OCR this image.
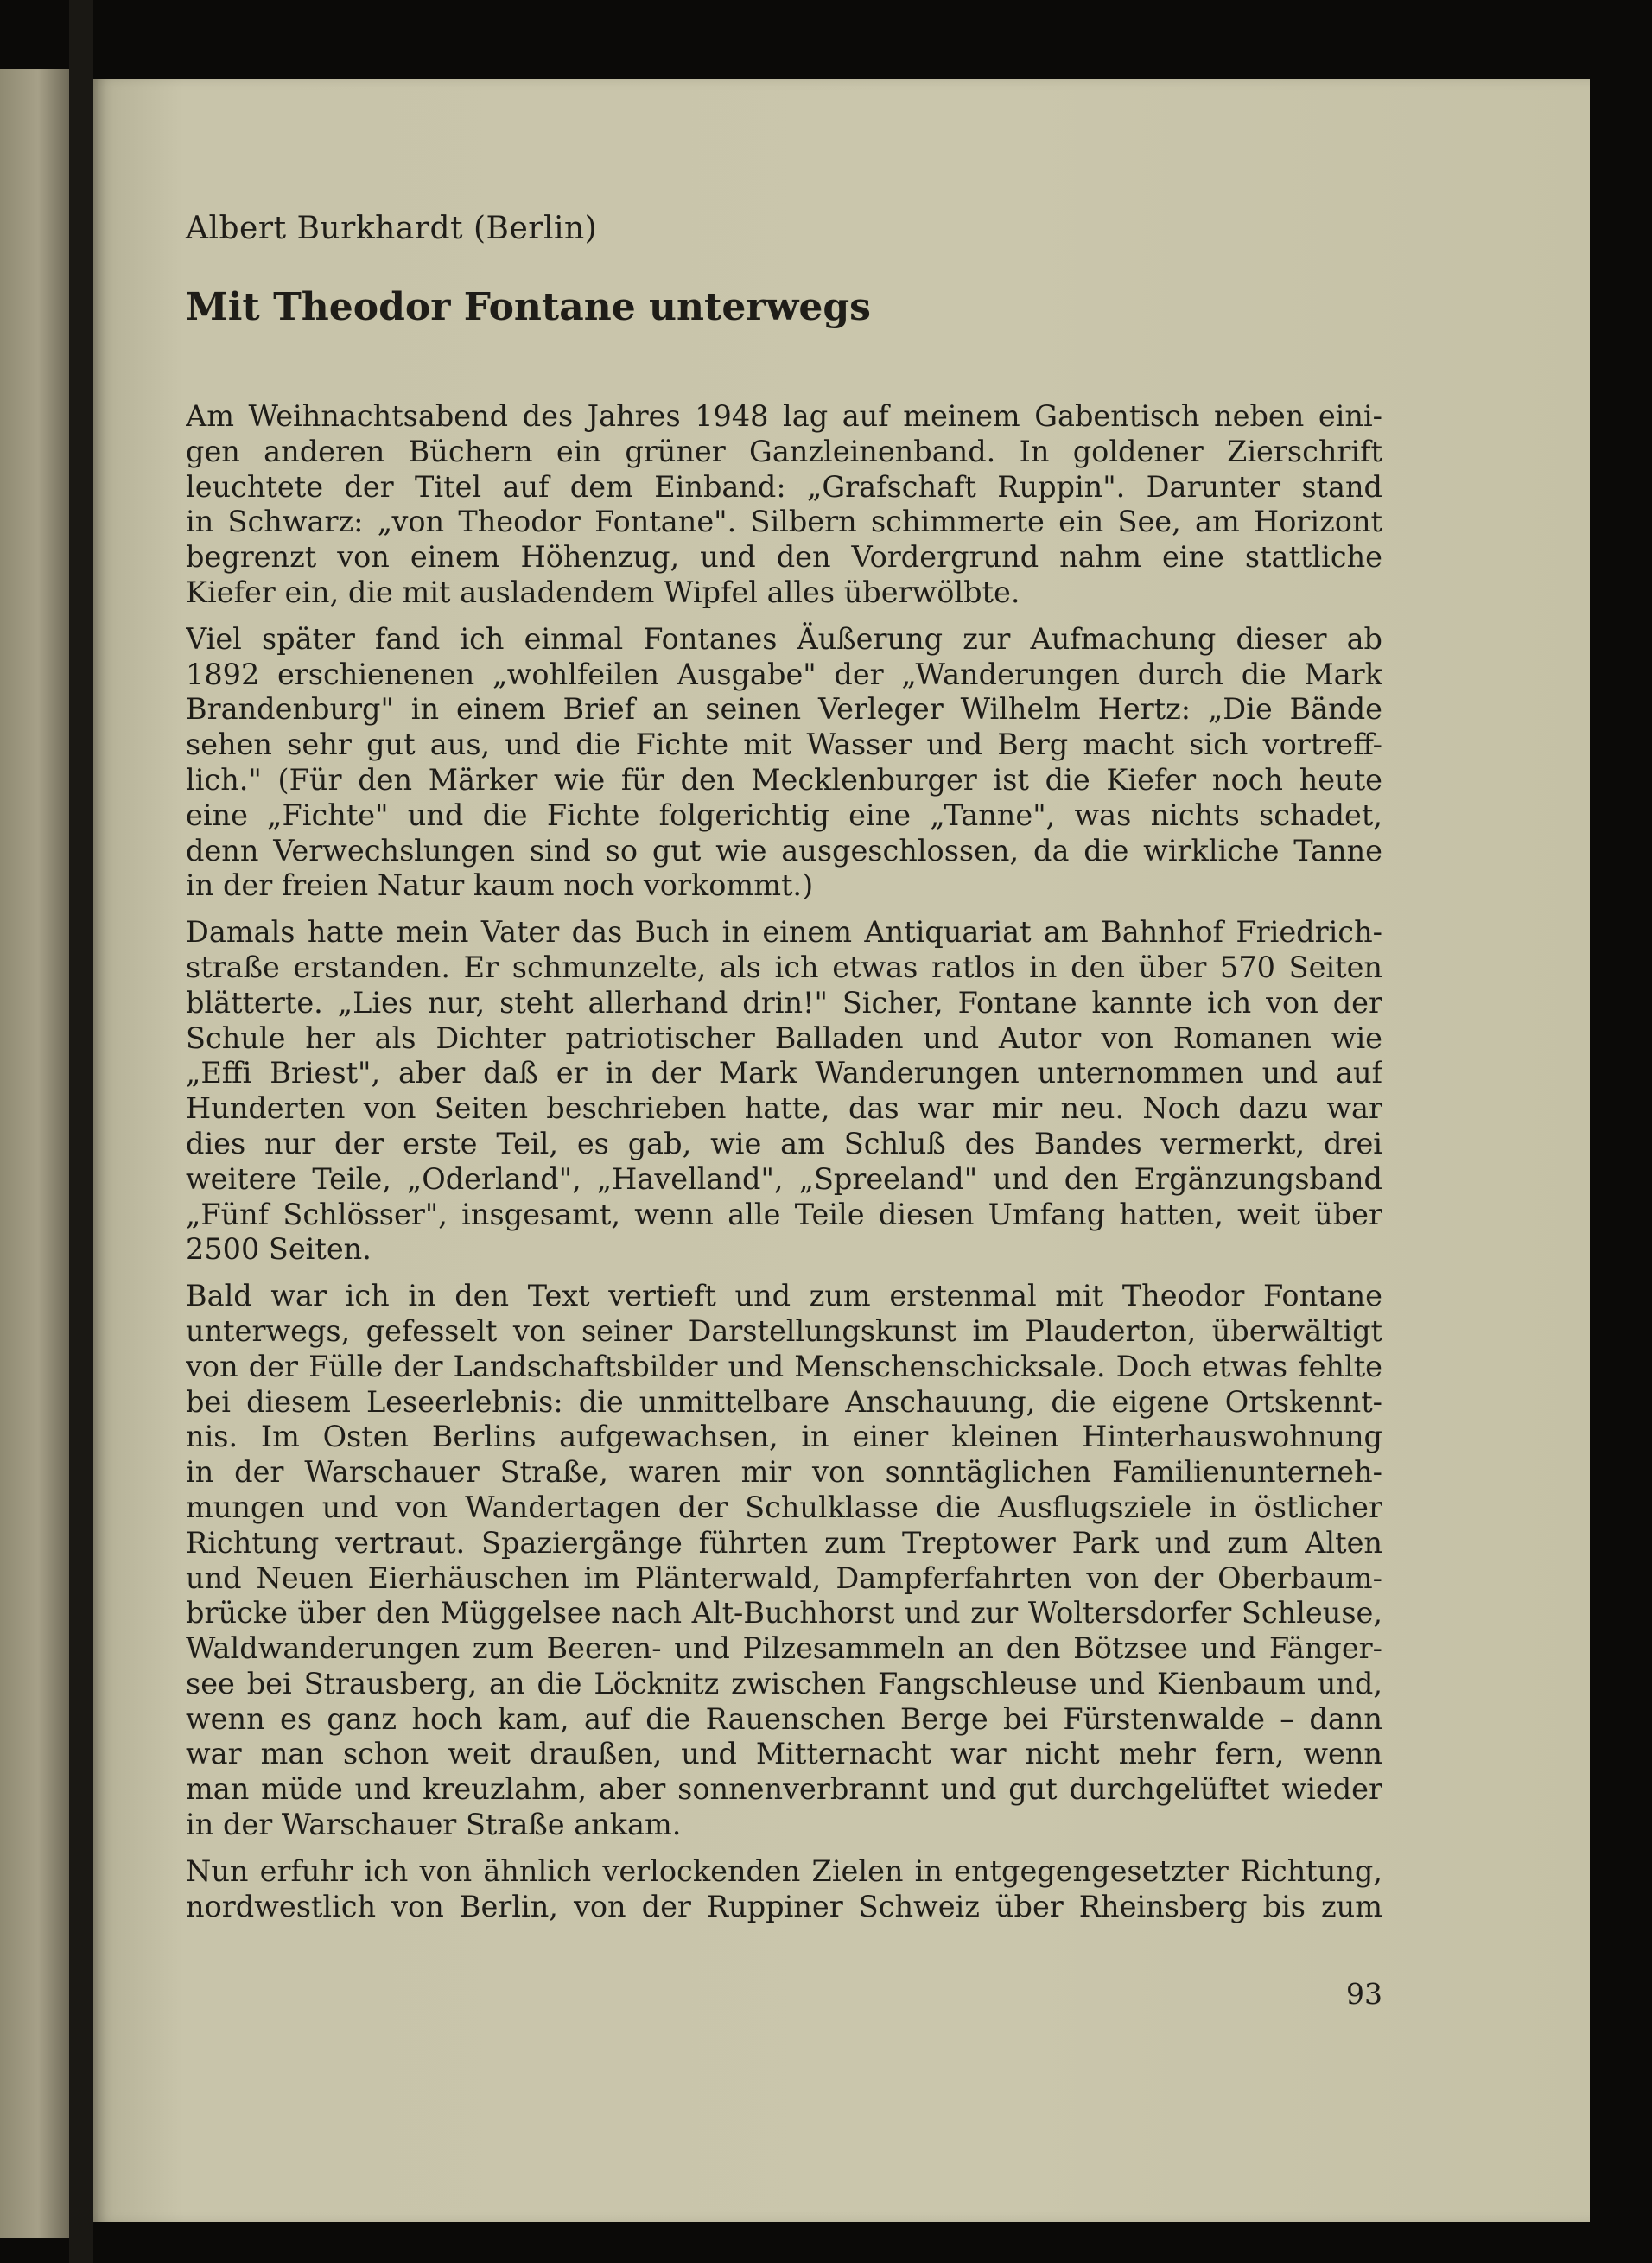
Albert Burkhardt (Berlin)
Mit Theodor Fontane unterwegs

Am Weihnachtsabend des Jahres 1948 lag auf meinem Gabentisch neben eini-
gen anderen Büchern ein grüner Ganzleinenband. In goldener Zierschrift
leuchtete der Titel auf dem Einband: „Grafschaft Ruppin". Darunter stand
in Schwarz: „von Theodor Fontane". Silbern schimmerte ein See, am Horizont
begrenzt von einem Höhenzug, und den Vordergrund nahm eine stattliche
Kiefer ein, die mit ausladendem Wipfel alles überwölbte.

Viel später fand ich einmal Fontanes Äußerung zur Aufmachung dieser ab
1892 erschienenen „wohlfeilen Ausgabe" der „Wanderungen durch die Mark
Brandenburg" in einem Brief an seinen Verleger Wilhelm Hertz: „Die Bände
sehen sehr gut aus, und die Fichte mit Wasser und Berg macht sich vortreff-
lich." (Für den Märker wie für den Mecklenburger ist die Kiefer noch heute
eine „Fichte" und die Fichte folgerichtig eine „Tanne", was nichts schadet,
denn Verwechslungen sind so gut wie ausgeschlossen, da die wirkliche Tanne
in der freien Natur kaum noch vorkommt.)

Damals hatte mein Vater das Buch in einem Antiquariat am Bahnhof Friedrich-
straße erstanden. Er schmunzelte, als ich etwas ratlos in den über 570 Seiten
blätterte. „Lies nur, steht allerhand drin!" Sicher, Fontane kannte ich von der
Schule her als Dichter patriotischer Balladen und Autor von Romanen wie
„Effi Briest", aber daß er in der Mark Wanderungen unternommen und auf
Hunderten von Seiten beschrieben hatte, das war mir neu. Noch dazu war
dies nur der erste Teil, es gab, wie am Schluß des Bandes vermerkt, drei
weitere Teile, „Oderland", „Havelland", „Spreeland" und den Ergänzungsband
„Fünf Schlösser", insgesamt, wenn alle Teile diesen Umfang hatten, weit über
2500 Seiten.

Bald war ich in den Text vertieft und zum erstenmal mit Theodor Fontane
unterwegs, gefesselt von seiner Darstellungskunst im Plauderton, überwältigt
von der Fülle der Landschaftsbilder und Menschenschicksale. Doch etwas fehlte
bei diesem Leseerlebnis: die unmittelbare Anschauung, die eigene Ortskennt-
nis. Im Osten Berlins aufgewachsen, in einer kleinen Hinterhauswohnung
in der Warschauer Straße, waren mir von sonntäglichen Familienunterneh-
mungen und von Wandertagen der Schulklasse die Ausflugsziele in östlicher
Richtung vertraut. Spaziergänge führten zum Treptower Park und zum Alten
und Neuen Eierhäuschen im Plänterwald, Dampferfahrten von der Oberbaum-
brücke über den Müggelsee nach Alt-Buchhorst und zur Woltersdorfer Schleuse,
Waldwanderungen zum Beeren- und Pilzesammeln an den Bötzsee und Fänger-
see bei Strausberg, an die Löcknitz zwischen Fangschleuse und Kienbaum und,
wenn es ganz hoch kam, auf die Rauenschen Berge bei Fürstenwalde – dann
war man schon weit draußen, und Mitternacht war nicht mehr fern, wenn
man müde und kreuzlahm, aber sonnenverbrannt und gut durchgelüftet wieder
in der Warschauer Straße ankam.

Nun erfuhr ich von ähnlich verlockenden Zielen in entgegengesetzter Richtung,
nordwestlich von Berlin, von der Ruppiner Schweiz über Rheinsberg bis zum

93
